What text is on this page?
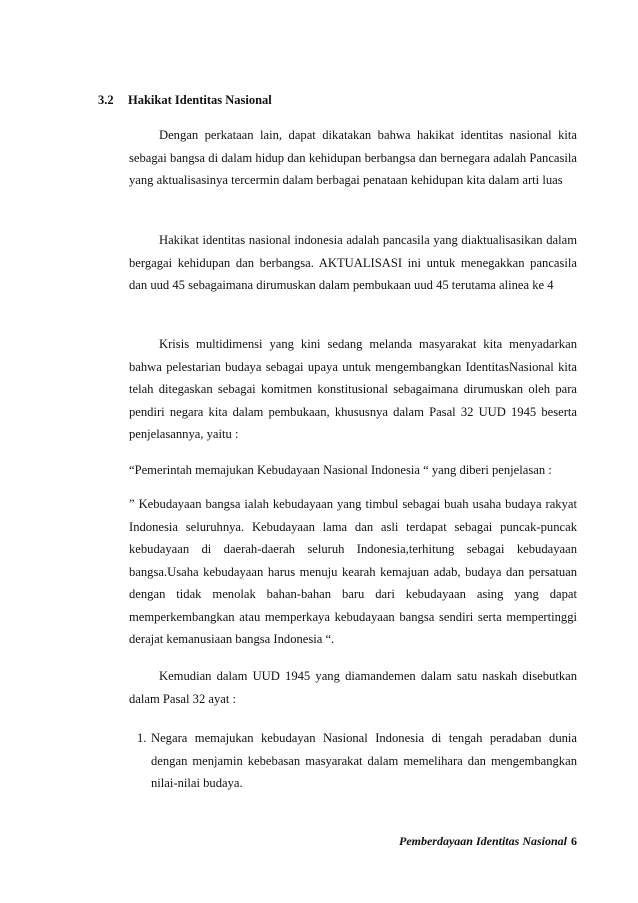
3.2 Hakikat Identitas Nasional

Dengan perkataan lain, dapat dikatakan bahwa hakikat identitas nasional kita sebagai bangsa di dalam hidup dan kehidupan berbangsa dan bernegara adalah Pancasila yang aktualisasinya tercermin dalam berbagai penataan kehidupan kita dalam arti luas

Hakikat identitas nasional indonesia adalah pancasila yang diaktualisasikan dalam bergagai kehidupan dan berbangsa. AKTUALISASI ini untuk menegakkan pancasila dan uud 45 sebagaimana dirumuskan dalam pembukaan uud 45 terutama alinea ke 4

Krisis multidimensi yang kini sedang melanda masyarakat kita menyadarkan bahwa pelestarian budaya sebagai upaya untuk mengembangkan IdentitasNasional kita telah ditegaskan sebagai komitmen konstitusional sebagaimana dirumuskan oleh para pendiri negara kita dalam pembukaan, khususnya dalam Pasal 32 UUD 1945 beserta penjelasannya, yaitu :

“Pemerintah memajukan Kebudayaan Nasional Indonesia “ yang diberi penjelasan :

” Kebudayaan bangsa ialah kebudayaan yang timbul sebagai buah usaha budaya rakyat Indonesia seluruhnya. Kebudayaan lama dan asli terdapat sebagai puncak-puncak kebudayaan di daerah-daerah seluruh Indonesia,terhitung sebagai kebudayaan bangsa.Usaha kebudayaan harus menuju kearah kemajuan adab, budaya dan persatuan dengan tidak menolak bahan-bahan baru dari kebudayaan asing yang dapat memperkembangkan atau memperkaya kebudayaan bangsa sendiri serta mempertinggi derajat kemanusiaan bangsa Indonesia “.

Kemudian dalam UUD 1945 yang diamandemen dalam satu naskah disebutkan dalam Pasal 32 ayat :

1. Negara memajukan kebudayan Nasional Indonesia di tengah peradaban dunia dengan menjamin kebebasan masyarakat dalam memelihara dan mengembangkan nilai-nilai budaya.
Pemberdayaan Identitas Nasional 6
